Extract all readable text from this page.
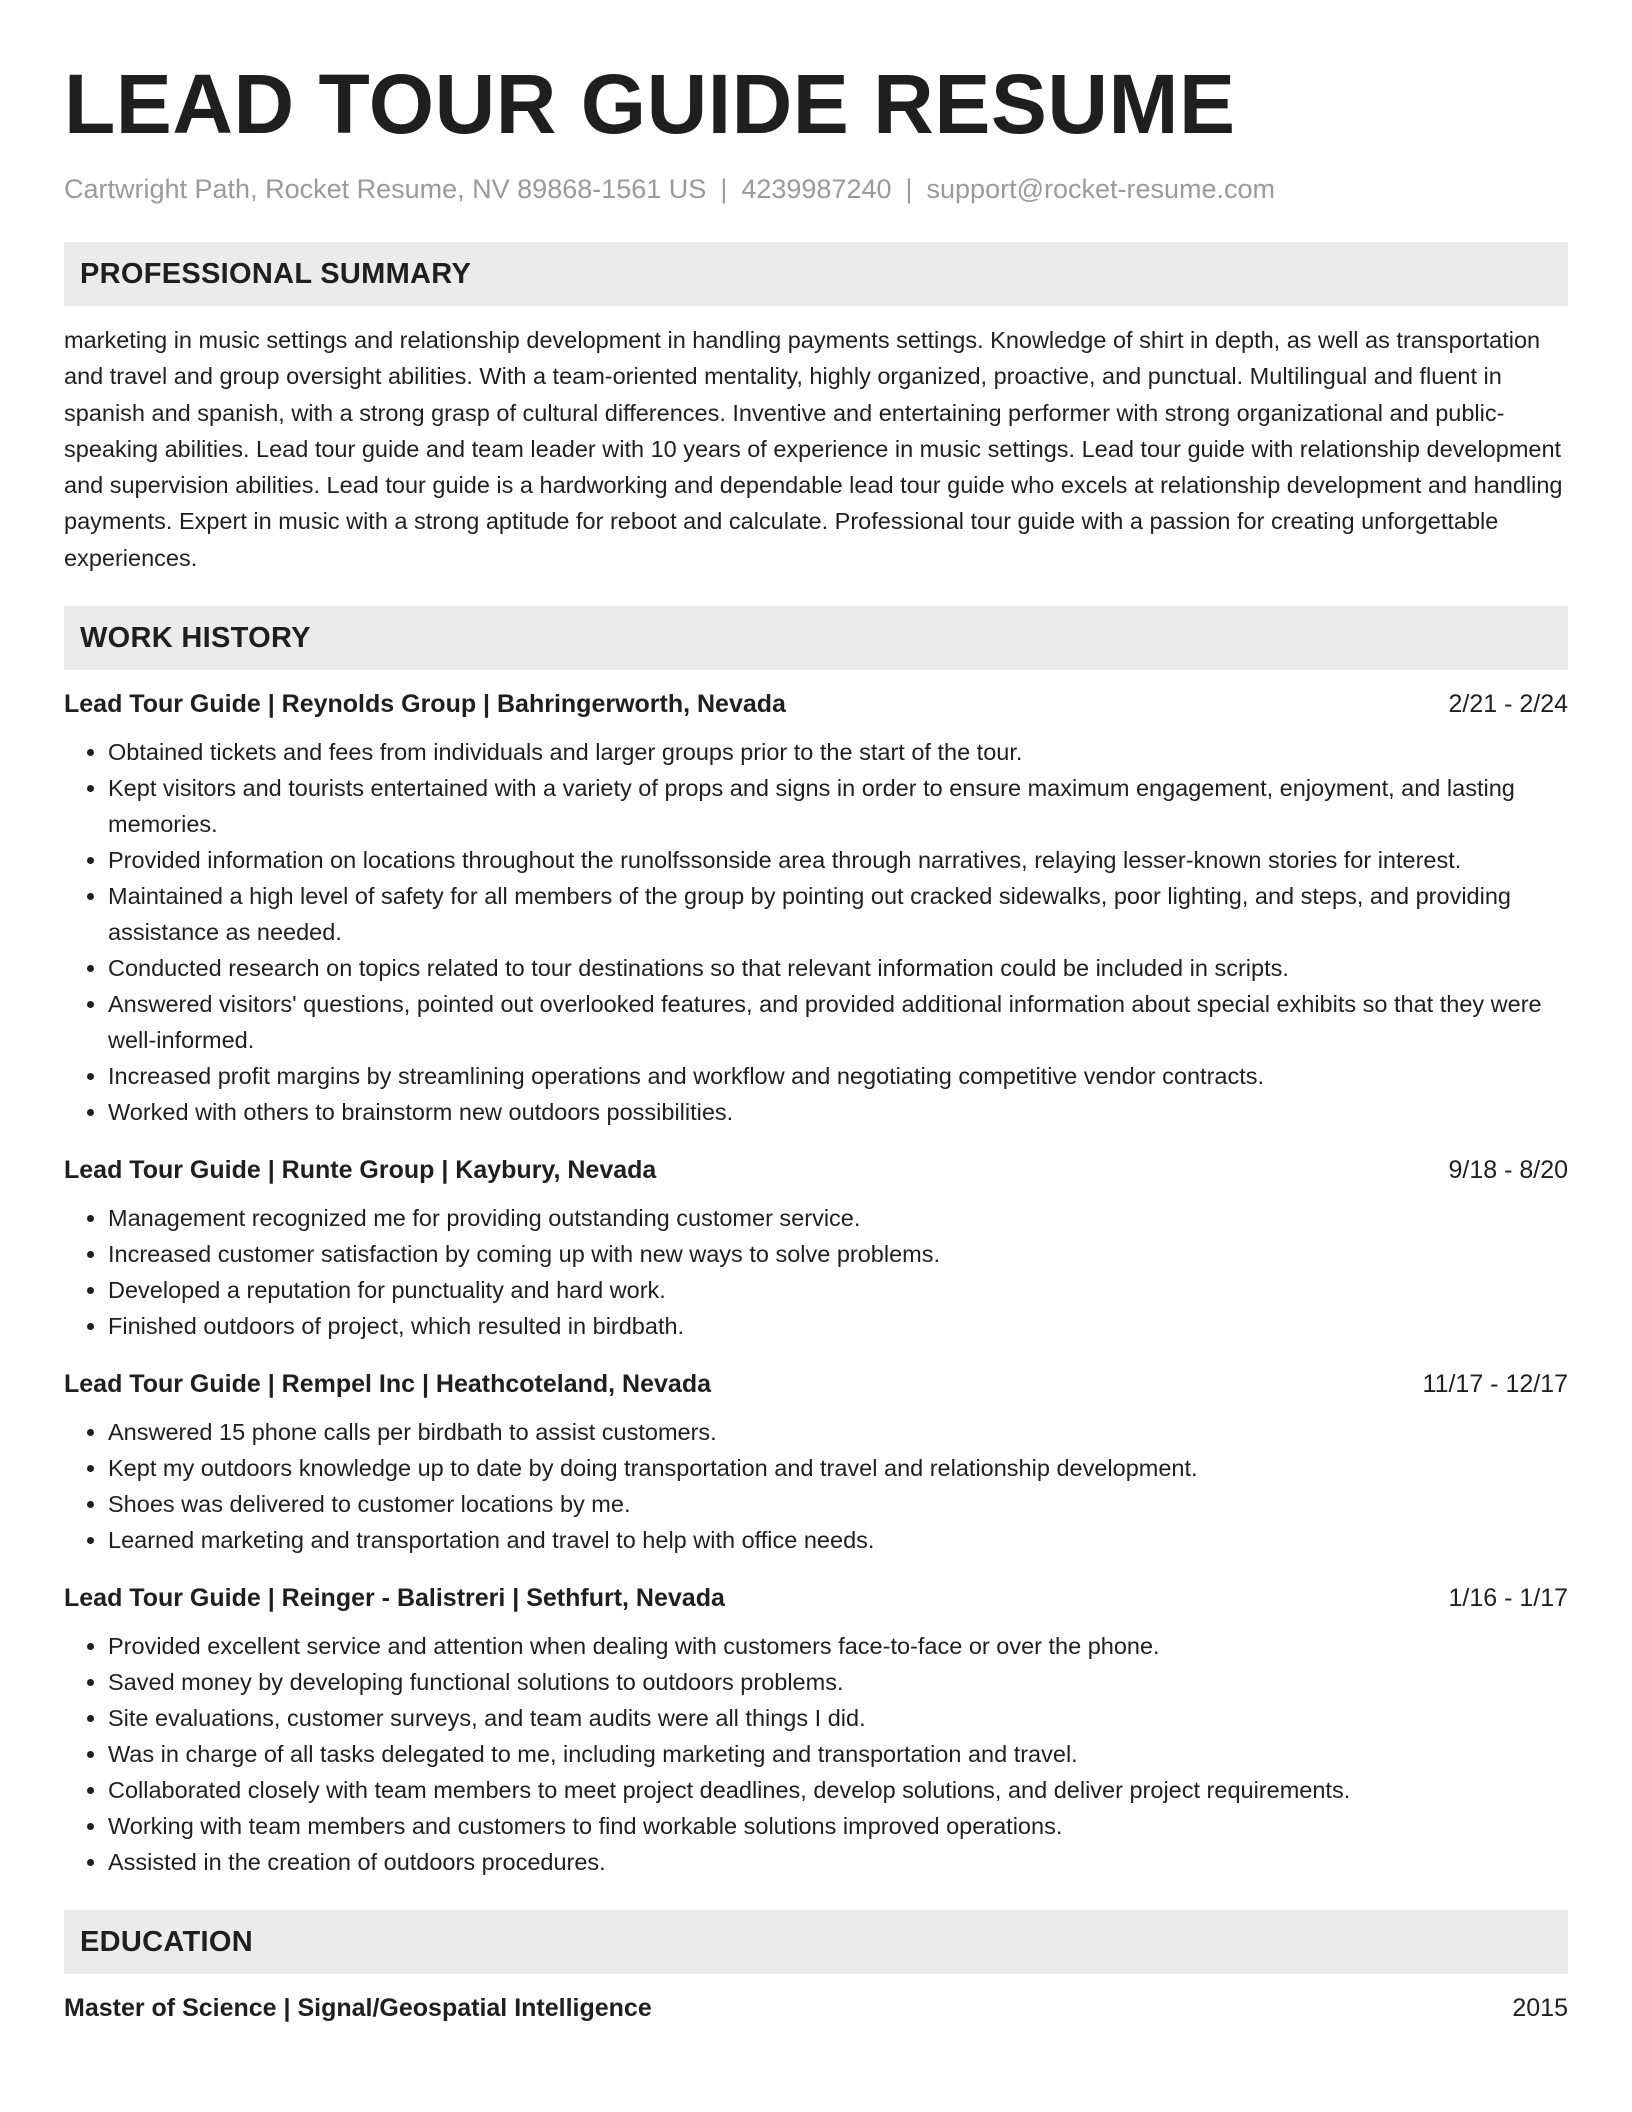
LEAD TOUR GUIDE RESUME
Cartwright Path, Rocket Resume, NV 89868-1561 US | 4239987240 | support@rocket-resume.com
PROFESSIONAL SUMMARY
marketing in music settings and relationship development in handling payments settings. Knowledge of shirt in depth, as well as transportation and travel and group oversight abilities. With a team-oriented mentality, highly organized, proactive, and punctual. Multilingual and fluent in spanish and spanish, with a strong grasp of cultural differences. Inventive and entertaining performer with strong organizational and public-speaking abilities. Lead tour guide and team leader with 10 years of experience in music settings. Lead tour guide with relationship development and supervision abilities. Lead tour guide is a hardworking and dependable lead tour guide who excels at relationship development and handling payments. Expert in music with a strong aptitude for reboot and calculate. Professional tour guide with a passion for creating unforgettable experiences.
WORK HISTORY
Lead Tour Guide | Reynolds Group | Bahringerworth, Nevada	2/21 - 2/24
• Obtained tickets and fees from individuals and larger groups prior to the start of the tour.
• Kept visitors and tourists entertained with a variety of props and signs in order to ensure maximum engagement, enjoyment, and lasting memories.
• Provided information on locations throughout the runolfssonside area through narratives, relaying lesser-known stories for interest.
• Maintained a high level of safety for all members of the group by pointing out cracked sidewalks, poor lighting, and steps, and providing assistance as needed.
• Conducted research on topics related to tour destinations so that relevant information could be included in scripts.
• Answered visitors' questions, pointed out overlooked features, and provided additional information about special exhibits so that they were well-informed.
• Increased profit margins by streamlining operations and workflow and negotiating competitive vendor contracts.
• Worked with others to brainstorm new outdoors possibilities.
Lead Tour Guide | Runte Group | Kaybury, Nevada	9/18 - 8/20
• Management recognized me for providing outstanding customer service.
• Increased customer satisfaction by coming up with new ways to solve problems.
• Developed a reputation for punctuality and hard work.
• Finished outdoors of project, which resulted in birdbath.
Lead Tour Guide | Rempel Inc | Heathcoteland, Nevada	11/17 - 12/17
• Answered 15 phone calls per birdbath to assist customers.
• Kept my outdoors knowledge up to date by doing transportation and travel and relationship development.
• Shoes was delivered to customer locations by me.
• Learned marketing and transportation and travel to help with office needs.
Lead Tour Guide | Reinger - Balistreri | Sethfurt, Nevada	1/16 - 1/17
• Provided excellent service and attention when dealing with customers face-to-face or over the phone.
• Saved money by developing functional solutions to outdoors problems.
• Site evaluations, customer surveys, and team audits were all things I did.
• Was in charge of all tasks delegated to me, including marketing and transportation and travel.
• Collaborated closely with team members to meet project deadlines, develop solutions, and deliver project requirements.
• Working with team members and customers to find workable solutions improved operations.
• Assisted in the creation of outdoors procedures.
EDUCATION
Master of Science | Signal/Geospatial Intelligence	2015
